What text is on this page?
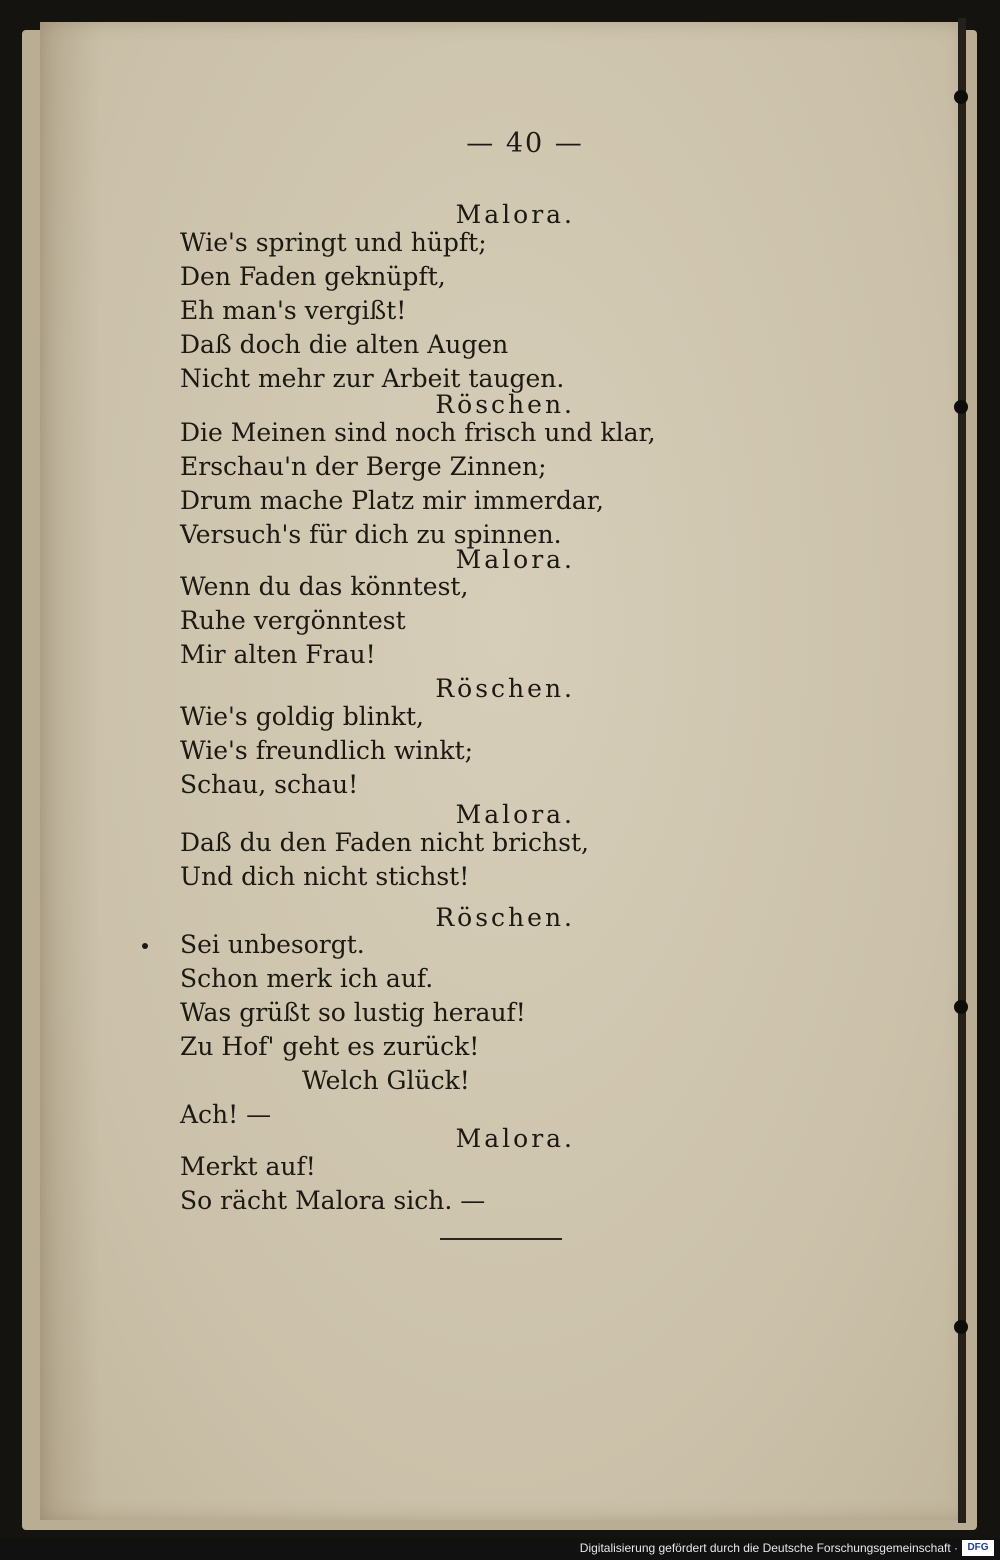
— 40 —
Malora.
Wie's springt und hüpft;
Den Faden geknüpft,
Eh man's vergißt!
Daß doch die alten Augen
Nicht mehr zur Arbeit taugen.
Röschen.
Die Meinen sind noch frisch und klar,
Erschau'n der Berge Zinnen;
Drum mache Platz mir immerdar,
Versuch's für dich zu spinnen.
Malora.
Wenn du das könntest,
Ruhe vergönntest
Mir alten Frau!
Röschen.
Wie's goldig blinkt,
Wie's freundlich winkt;
Schau, schau!
Malora.
Daß du den Faden nicht brichst,
Und dich nicht stichst!
Röschen.
Sei unbesorgt.
Schon merk ich auf.
Was grüßt so lustig herauf!
Zu Hof' geht es zurück!
Welch Glück!
Ach! —
Malora.
Merkt auf!
So rächt Malora sich. —
Digitalisierung gefördert durch die Deutsche Forschungsgemeinschaft · DFG
